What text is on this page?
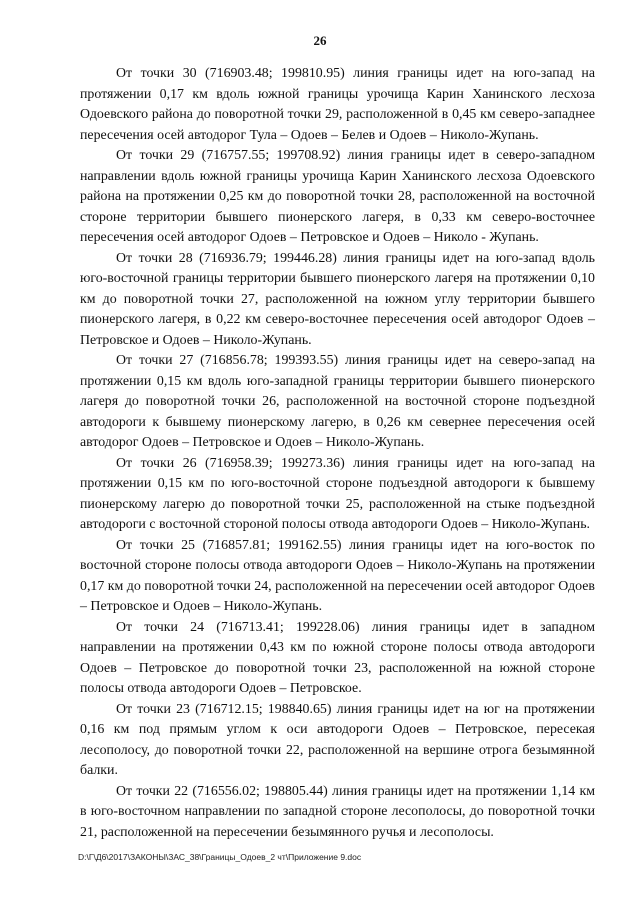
26

От точки 30 (716903.48; 199810.95) линия границы идет на юго-запад на протяжении 0,17 км вдоль южной границы урочища Карин Ханинского лесхоза Одоевского района до поворотной точки 29, расположенной в 0,45 км северо-западнее пересечения осей автодорог Тула – Одоев – Белев и Одоев – Николо-Жупань.

От точки 29 (716757.55; 199708.92) линия границы идет в северо-западном направлении вдоль южной границы урочища Карин Ханинского лесхоза Одоевского района на протяжении 0,25 км до поворотной точки 28, расположенной на восточной стороне территории бывшего пионерского лагеря, в 0,33 км северо-восточнее пересечения осей автодорог Одоев – Петровское и Одоев – Николо - Жупань.

От точки 28 (716936.79; 199446.28) линия границы идет на юго-запад вдоль юго-восточной границы территории бывшего пионерского лагеря на протяжении 0,10 км до поворотной точки 27, расположенной на южном углу территории бывшего пионерского лагеря, в 0,22 км северо-восточнее пересечения осей автодорог Одоев – Петровское и Одоев – Николо-Жупань.

От точки 27 (716856.78; 199393.55) линия границы идет на северо-запад на протяжении 0,15 км вдоль юго-западной границы территории бывшего пионерского лагеря до поворотной точки 26, расположенной на восточной стороне подъездной автодороги к бывшему пионерскому лагерю, в 0,26 км севернее пересечения осей автодорог Одоев – Петровское и Одоев – Николо-Жупань.

От точки 26 (716958.39; 199273.36) линия границы идет на юго-запад на протяжении 0,15 км по юго-восточной стороне подъездной автодороги к бывшему пионерскому лагерю до поворотной точки 25, расположенной на стыке подъездной автодороги с восточной стороной полосы отвода автодороги Одоев – Николо-Жупань.

От точки 25 (716857.81; 199162.55) линия границы идет на юго-восток по восточной стороне полосы отвода автодороги Одоев – Николо-Жупань на протяжении 0,17 км до поворотной точки 24, расположенной на пересечении осей автодорог Одоев – Петровское и Одоев – Николо-Жупань.

От точки 24 (716713.41; 199228.06) линия границы идет в западном направлении на протяжении 0,43 км по южной стороне полосы отвода автодороги Одоев – Петровское до поворотной точки 23, расположенной на южной стороне полосы отвода автодороги Одоев – Петровское.

От точки 23 (716712.15; 198840.65) линия границы идет на юг на протяжении 0,16 км под прямым углом к оси автодороги Одоев – Петровское, пересекая лесополосу, до поворотной точки 22, расположенной на вершине отрога безымянной балки.

От точки 22 (716556.02; 198805.44) линия границы идет на протяжении 1,14 км в юго-восточном направлении по западной стороне лесополосы, до поворотной точки 21, расположенной на пересечении безымянного ручья и лесополосы.

D:\Г\Д6\2017\ЗАКОНЫ\ЗАС_38\Границы_Одоев_2 чт\Приложение 9.doc
